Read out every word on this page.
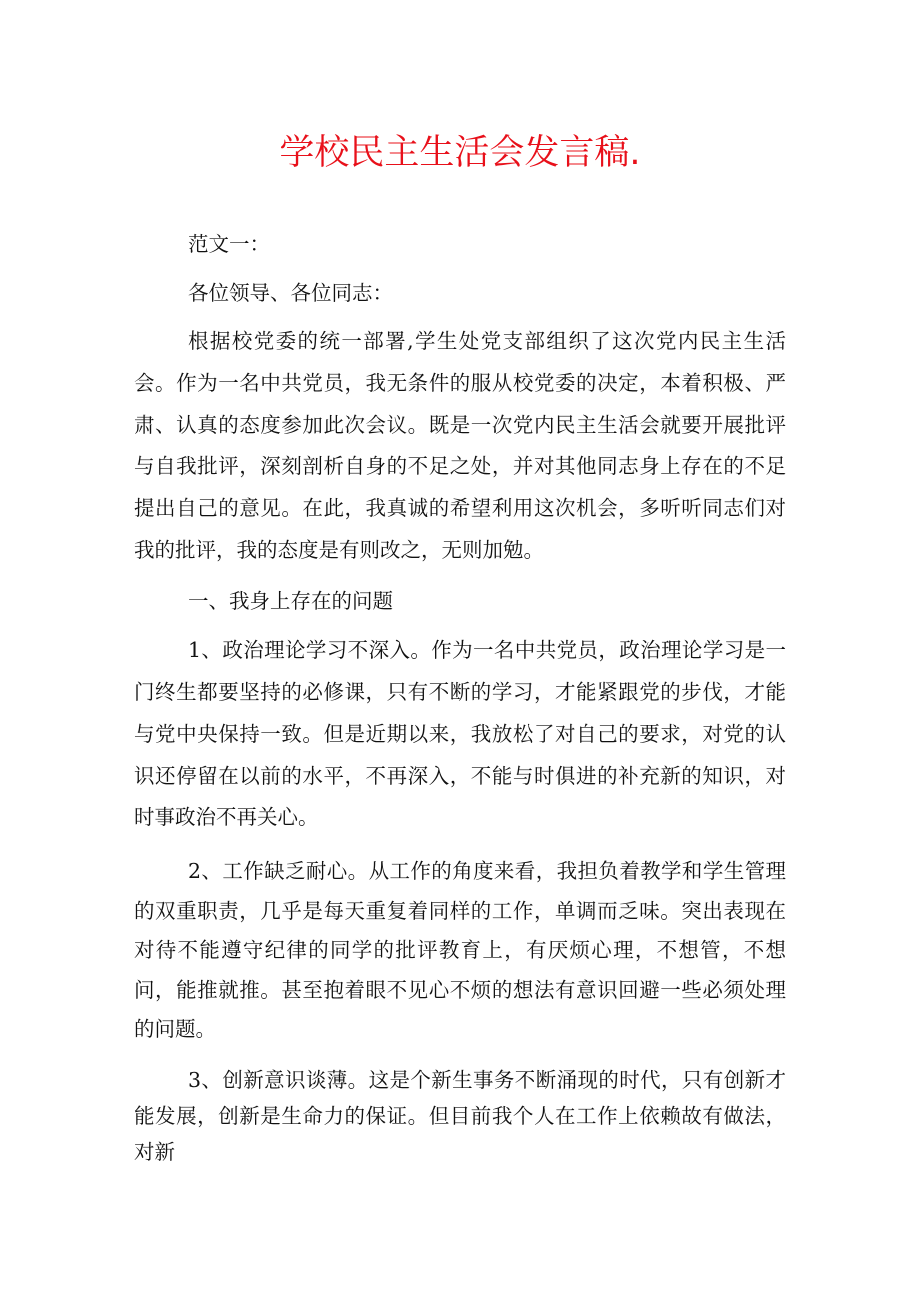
学校民主生活会发言稿.

范文一：

各位领导、各位同志：

根据校党委的统一部署,学生处党支部组织了这次党内民主生活会。作为一名中共党员，我无条件的服从校党委的决定，本着积极、严肃、认真的态度参加此次会议。既是一次党内民主生活会就要开展批评与自我批评，深刻剖析自身的不足之处，并对其他同志身上存在的不足提出自己的意见。在此，我真诚的希望利用这次机会，多听听同志们对我的批评，我的态度是有则改之，无则加勉。

一、我身上存在的问题

1、政治理论学习不深入。作为一名中共党员，政治理论学习是一门终生都要坚持的必修课，只有不断的学习，才能紧跟党的步伐，才能与党中央保持一致。但是近期以来，我放松了对自己的要求，对党的认识还停留在以前的水平，不再深入，不能与时俱进的补充新的知识，对时事政治不再关心。

2、工作缺乏耐心。从工作的角度来看，我担负着教学和学生管理的双重职责，几乎是每天重复着同样的工作，单调而乏味。突出表现在对待不能遵守纪律的同学的批评教育上，有厌烦心理，不想管，不想问，能推就推。甚至抱着眼不见心不烦的想法有意识回避一些必须处理的问题。

3、创新意识谈薄。这是个新生事务不断涌现的时代，只有创新才能发展，创新是生命力的保证。但目前我个人在工作上依赖故有做法，对新
